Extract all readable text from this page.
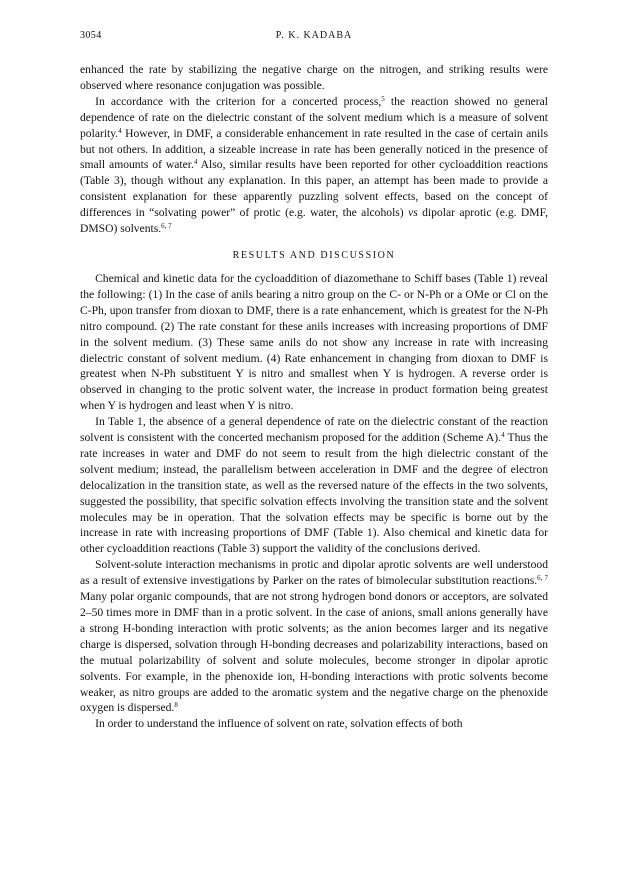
3054	P. K. KADABA

enhanced the rate by stabilizing the negative charge on the nitrogen, and striking results were observed where resonance conjugation was possible.

In accordance with the criterion for a concerted process,$^5$ the reaction showed no general dependence of rate on the dielectric constant of the solvent medium which is a measure of solvent polarity.$^4$ However, in DMF, a considerable enhancement in rate resulted in the case of certain anils but not others. In addition, a sizeable increase in rate has been generally noticed in the presence of small amounts of water.$^4$ Also, similar results have been reported for other cycloaddition reactions (Table 3), though without any explanation. In this paper, an attempt has been made to provide a consistent explanation for these apparently puzzling solvent effects, based on the concept of differences in “solvating power” of protic (e.g. water, the alcohols) vs dipolar aprotic (e.g. DMF, DMSO) solvents.$^{6, 7}$

RESULTS AND DISCUSSION

Chemical and kinetic data for the cycloaddition of diazomethane to Schiff bases (Table 1) reveal the following: (1) In the case of anils bearing a nitro group on the C- or N-Ph or a OMe or Cl on the C-Ph, upon transfer from dioxan to DMF, there is a rate enhancement, which is greatest for the N-Ph nitro compound. (2) The rate constant for these anils increases with increasing proportions of DMF in the solvent medium. (3) These same anils do not show any increase in rate with increasing dielectric constant of solvent medium. (4) Rate enhancement in changing from dioxan to DMF is greatest when N-Ph substituent Y is nitro and smallest when Y is hydrogen. A reverse order is observed in changing to the protic solvent water, the increase in product formation being greatest when Y is hydrogen and least when Y is nitro.

In Table 1, the absence of a general dependence of rate on the dielectric constant of the reaction solvent is consistent with the concerted mechanism proposed for the addition (Scheme A).$^4$ Thus the rate increases in water and DMF do not seem to result from the high dielectric constant of the solvent medium; instead, the parallelism between acceleration in DMF and the degree of electron delocalization in the transition state, as well as the reversed nature of the effects in the two solvents, suggested the possibility, that specific solvation effects involving the transition state and the solvent molecules may be in operation. That the solvation effects may be specific is borne out by the increase in rate with increasing proportions of DMF (Table 1). Also chemical and kinetic data for other cycloaddition reactions (Table 3) support the validity of the conclusions derived.

Solvent-solute interaction mechanisms in protic and dipolar aprotic solvents are well understood as a result of extensive investigations by Parker on the rates of bimolecular substitution reactions.$^{6, 7}$ Many polar organic compounds, that are not strong hydrogen bond donors or acceptors, are solvated 2–50 times more in DMF than in a protic solvent. In the case of anions, small anions generally have a strong H-bonding interaction with protic solvents; as the anion becomes larger and its negative charge is dispersed, solvation through H-bonding decreases and polarizability interactions, based on the mutual polarizability of solvent and solute molecules, become stronger in dipolar aprotic solvents. For example, in the phenoxide ion, H-bonding interactions with protic solvents become weaker, as nitro groups are added to the aromatic system and the negative charge on the phenoxide oxygen is dispersed.$^8$

In order to understand the influence of solvent on rate, solvation effects of both
